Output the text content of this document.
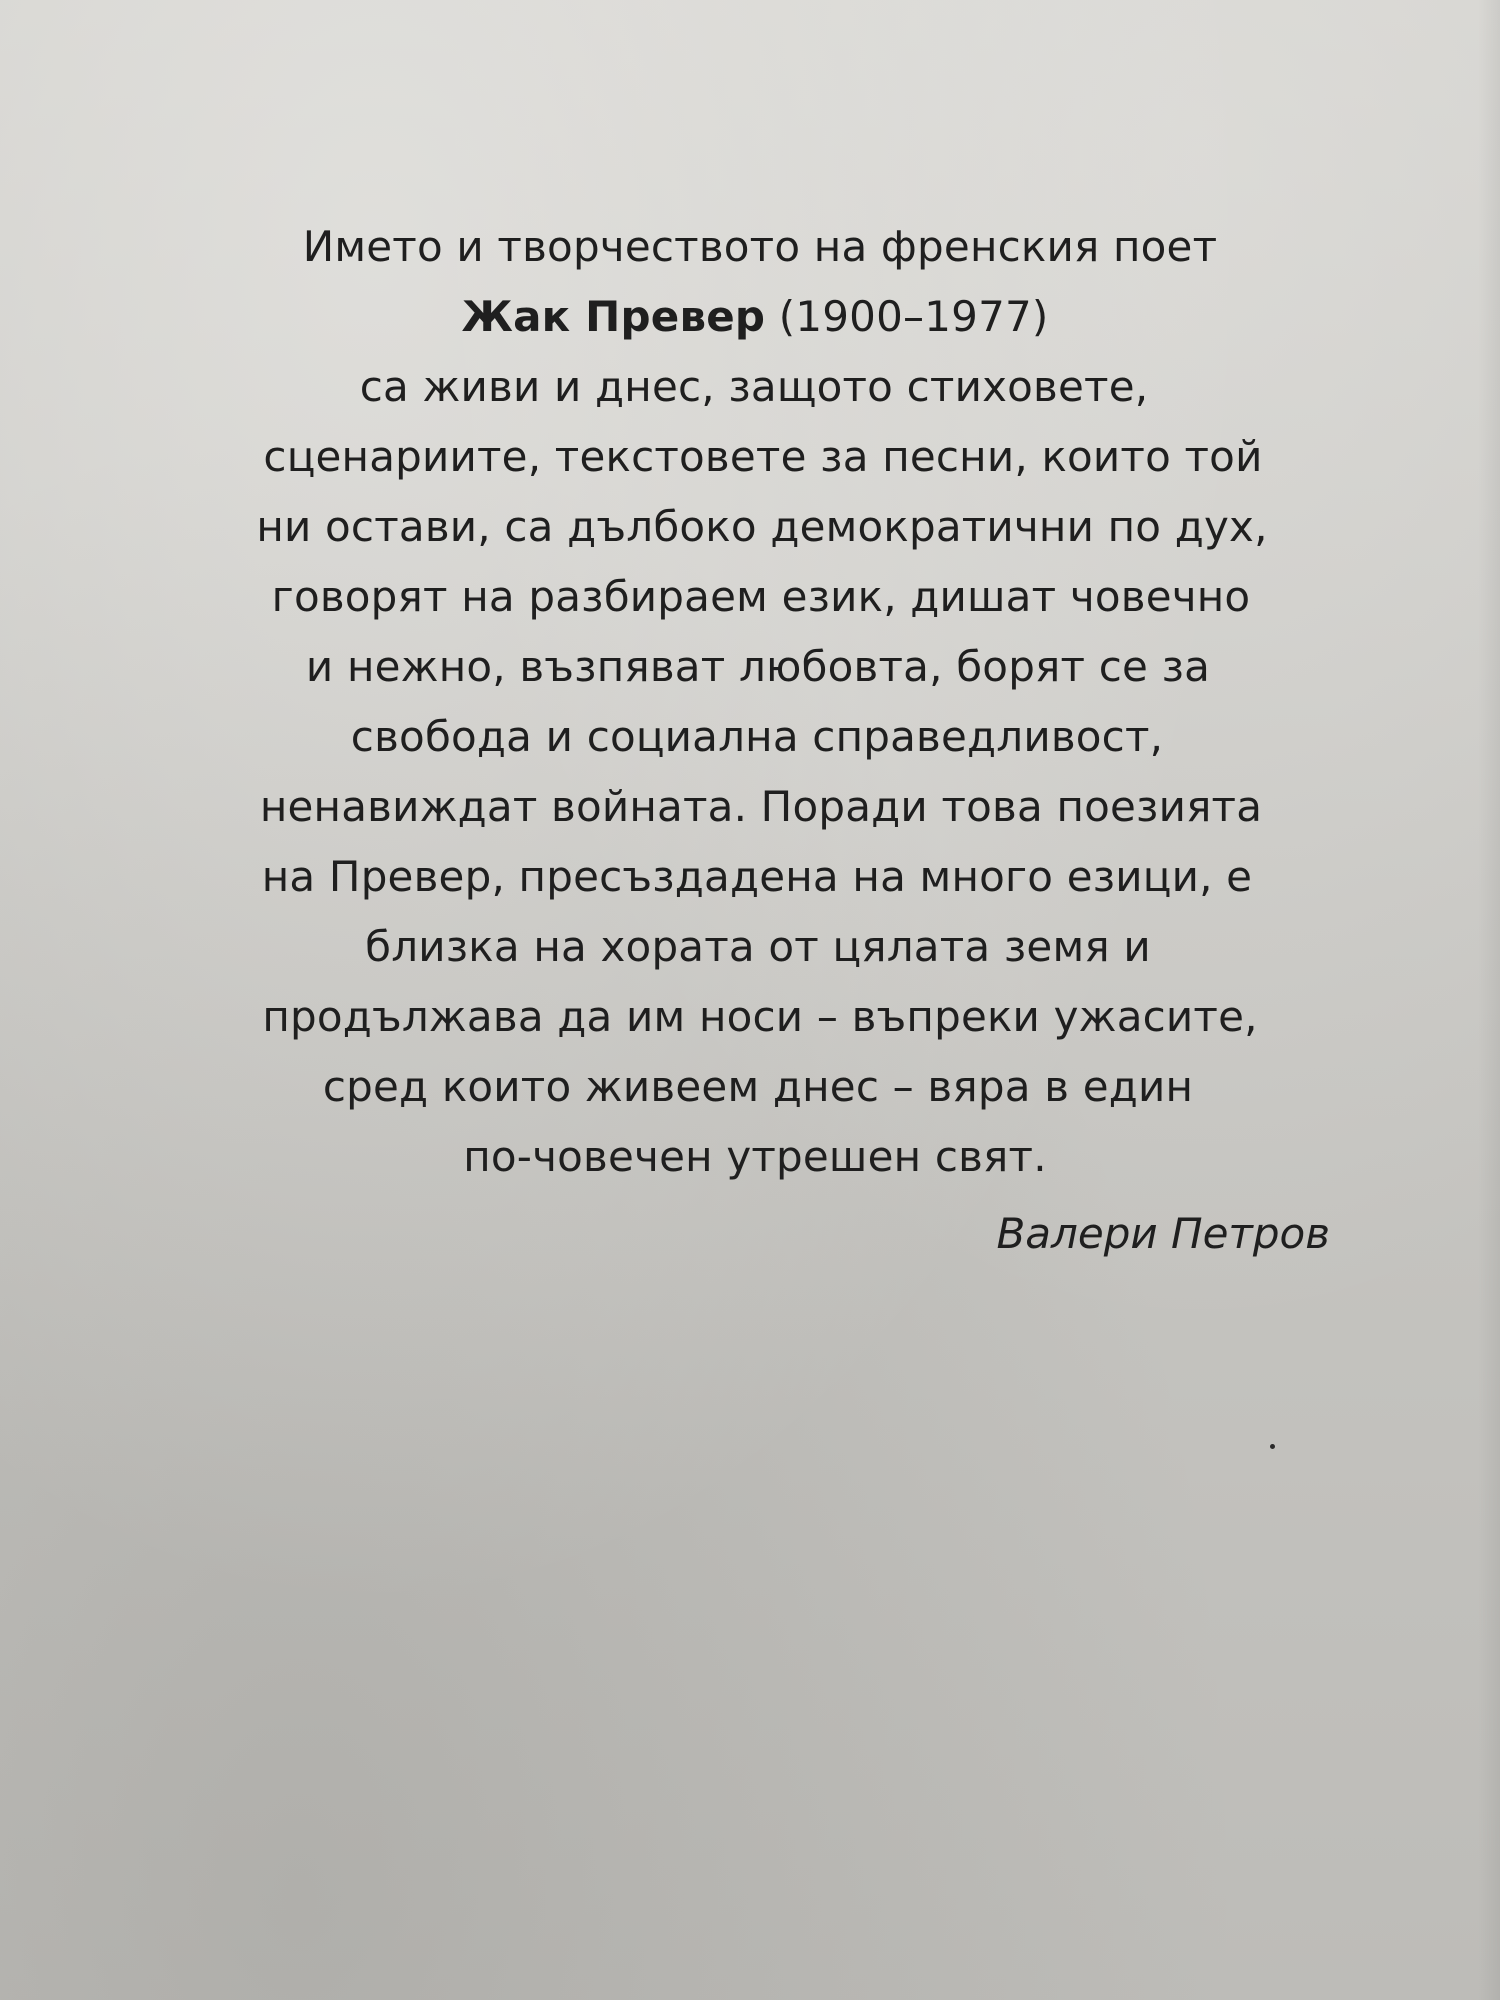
Името и творчеството на френския поет
Жак Превер (1900–1977)
са живи и днес, защото стиховете,
сценариите, текстовете за песни, които той
ни остави, са дълбоко демократични по дух,
говорят на разбираем език, дишат човечно
и нежно, възпяват любовта, борят се за
свобода и социална справедливост,
ненавиждат войната. Поради това поезията
на Превер, пресъздадена на много езици, е
близка на хората от цялата земя и
продължава да им носи – въпреки ужасите,
сред които живеем днес – вяра в един
по-човечен утрешен свят.
Валери Петров
